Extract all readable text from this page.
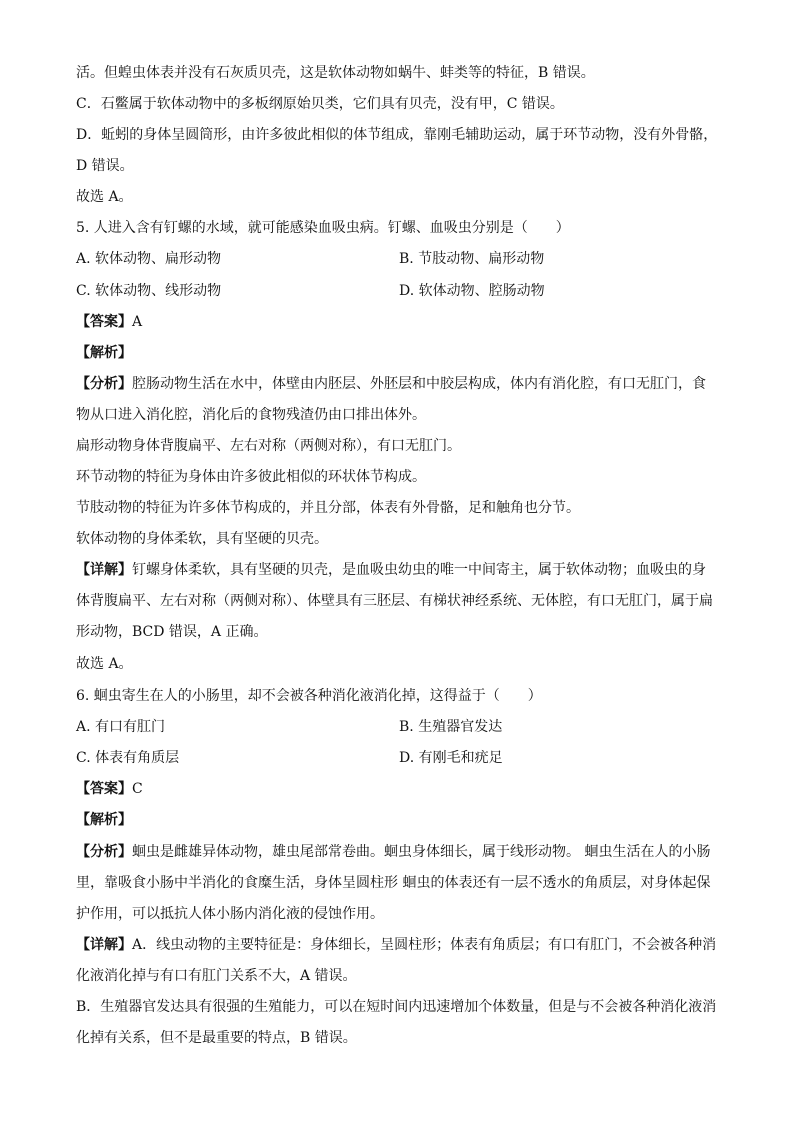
活。但蝗虫体表并没有石灰质贝壳，这是软体动物如蜗牛、蚌类等的特征，B 错误。
C．石鳖属于软体动物中的多板纲原始贝类，它们具有贝壳，没有甲，C 错误。
D．蚯蚓的身体呈圆筒形，由许多彼此相似的体节组成，靠刚毛辅助运动，属于环节动物，没有外骨骼，
D 错误。
故选 A。
5. 人进入含有钉螺的水域，就可能感染血吸虫病。钉螺、血吸虫分别是（　　）
A. 软体动物、扁形动物	B. 节肢动物、扁形动物
C. 软体动物、线形动物	D. 软体动物、腔肠动物
【答案】A
【解析】
【分析】腔肠动物生活在水中，体壁由内胚层、外胚层和中胶层构成，体内有消化腔，有口无肛门，食
物从口进入消化腔，消化后的食物残渣仍由口排出体外。
扁形动物身体背腹扁平、左右对称（两侧对称），有口无肛门。
环节动物的特征为身体由许多彼此相似的环状体节构成。
节肢动物的特征为许多体节构成的，并且分部，体表有外骨骼，足和触角也分节。
软体动物的身体柔软，具有坚硬的贝壳。
【详解】钉螺身体柔软，具有坚硬的贝壳，是血吸虫幼虫的唯一中间寄主，属于软体动物；血吸虫的身
体背腹扁平、左右对称（两侧对称）、体壁具有三胚层、有梯状神经系统、无体腔，有口无肛门，属于扁
形动物，BCD 错误，A 正确。
故选 A。
6. 蛔虫寄生在人的小肠里，却不会被各种消化液消化掉，这得益于（　　）
A. 有口有肛门	B. 生殖器官发达
C. 体表有角质层	D. 有刚毛和疣足
【答案】C
【解析】
【分析】蛔虫是雌雄异体动物，雄虫尾部常卷曲。蛔虫身体细长，属于线形动物。 蛔虫生活在人的小肠
里，靠吸食小肠中半消化的食糜生活，身体呈圆柱形 蛔虫的体表还有一层不透水的角质层，对身体起保
护作用，可以抵抗人体小肠内消化液的侵蚀作用。
【详解】A．线虫动物的主要特征是：身体细长，呈圆柱形；体表有角质层；有口有肛门，不会被各种消
化液消化掉与有口有肛门关系不大，A 错误。
B．生殖器官发达具有很强的生殖能力，可以在短时间内迅速增加个体数量，但是与不会被各种消化液消
化掉有关系，但不是最重要的特点，B 错误。
